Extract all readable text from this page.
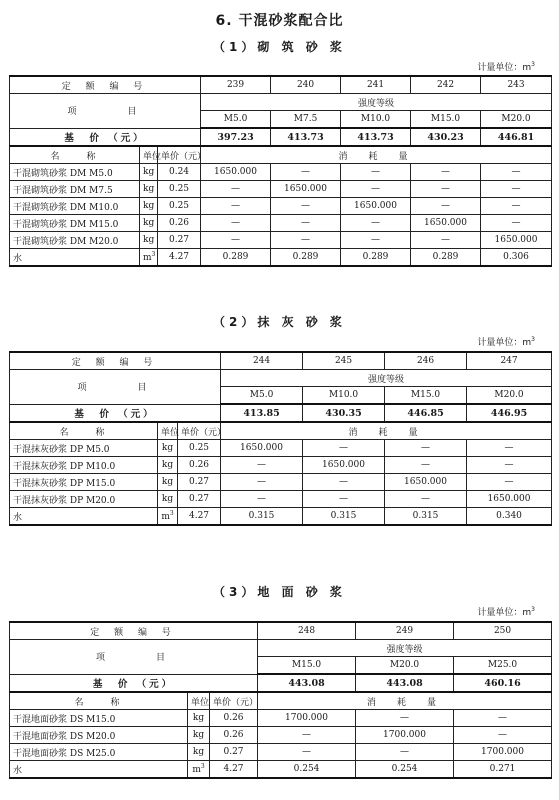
6. 干混砂浆配合比
（1）砌 筑 砂 浆
计量单位：$m^3$
定 额 编 号			239	240	241	242	243
项　　　目			强度等级				
			M5.0	M7.5	M10.0	M15.0	M20.0
基　价 （元）			397.23	413.73	413.73	430.23	446.81
名　　称	单位	单价（元）	消　耗　量				
干混砌筑砂浆 DM M5.0	kg	0.24	1650.000	—	—	—	—
干混砌筑砂浆 DM M7.5	kg	0.25	—	1650.000	—	—	—
干混砌筑砂浆 DM M10.0	kg	0.25	—	—	1650.000	—	—
干混砌筑砂浆 DM M15.0	kg	0.26	—	—	—	1650.000	—
干混砌筑砂浆 DM M20.0	kg	0.27	—	—	—	—	1650.000
水	$m^3$	4.27	0.289	0.289	0.289	0.289	0.306
（2）抹 灰 砂 浆
计量单位：$m^3$
定 额 编 号			244	245	246	247
项　　　目			强度等级			
			M5.0	M10.0	M15.0	M20.0
基　价 （元）			413.85	430.35	446.85	446.95
名　　称	单位	单价（元）	消　耗　量			
干混抹灰砂浆 DP M5.0	kg	0.25	1650.000	—	—	—
干混抹灰砂浆 DP M10.0	kg	0.26	—	1650.000	—	—
干混抹灰砂浆 DP M15.0	kg	0.27	—	—	1650.000	—
干混抹灰砂浆 DP M20.0	kg	0.27	—	—	—	1650.000
水	$m^3$	4.27	0.315	0.315	0.315	0.340
（3）地 面 砂 浆
计量单位：$m^3$
定 额 编 号			248	249	250
项　　　目			强度等级		
			M15.0	M20.0	M25.0
基　价 （元）			443.08	443.08	460.16
名　　称	单位	单价（元）	消　耗　量		
干混地面砂浆 DS M15.0	kg	0.26	1700.000	—	—
干混地面砂浆 DS M20.0	kg	0.26	—	1700.000	—
干混地面砂浆 DS M25.0	kg	0.27	—	—	1700.000
水	$m^3$	4.27	0.254	0.254	0.271
